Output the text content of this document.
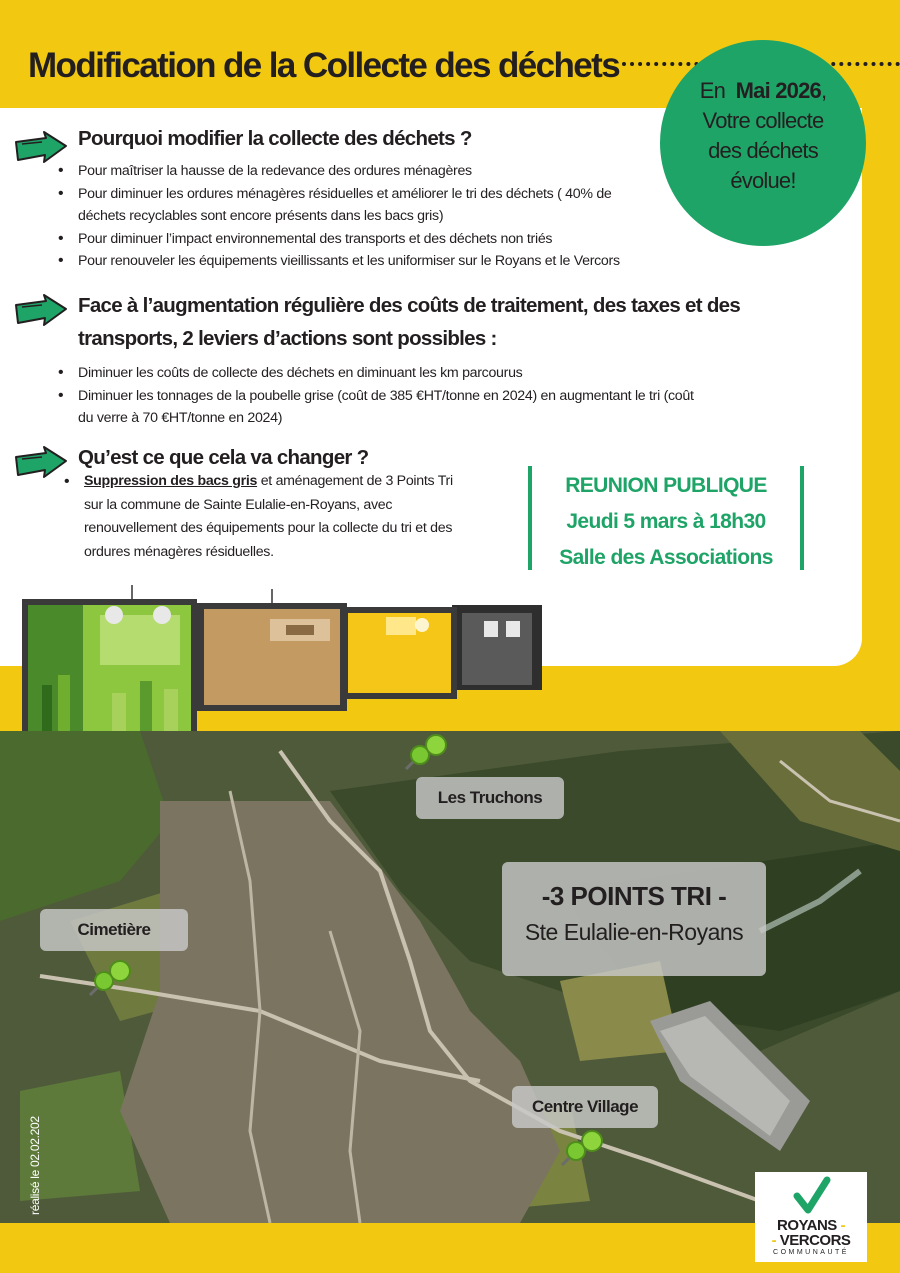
Modification de la Collecte des déchets
En Mai 2026,
Votre collecte
des déchets
évolue!
Pourquoi modifier la collecte des déchets ?
• Pour maîtriser la hausse de la redevance des ordures ménagères
• Pour diminuer les ordures ménagères résiduelles et améliorer le tri des déchets ( 40% de déchets recyclables sont encore présents dans les bacs gris)
• Pour diminuer l’impact environnemental des transports et des déchets non triés
• Pour renouveler les équipements vieillissants et les uniformiser sur le Royans et le Vercors
Face à l’augmentation régulière des coûts de traitement, des taxes et des transports, 2 leviers d’actions sont possibles :
• Diminuer les coûts de collecte des déchets en diminuant les km parcourus
• Diminuer les tonnages de la poubelle grise (coût de 385 €HT/tonne en 2024) en augmentant le tri (coût du verre à 70 €HT/tonne en 2024)
Qu’est ce que cela va changer ?
• Suppression des bacs gris et aménagement de 3 Points Tri sur la commune de Sainte Eulalie-en-Royans, avec renouvellement des équipements pour la collecte du tri et des ordures ménagères résiduelles.
REUNION PUBLIQUE
Jeudi 5 mars à 18h30
Salle des Associations
Les Truchons
Cimetière
Centre Village
-3 POINTS TRI -
Ste Eulalie-en-Royans
réalisé le 02.02.202
ROYANS -
- VERCORS
COMMUNAUTÉ
